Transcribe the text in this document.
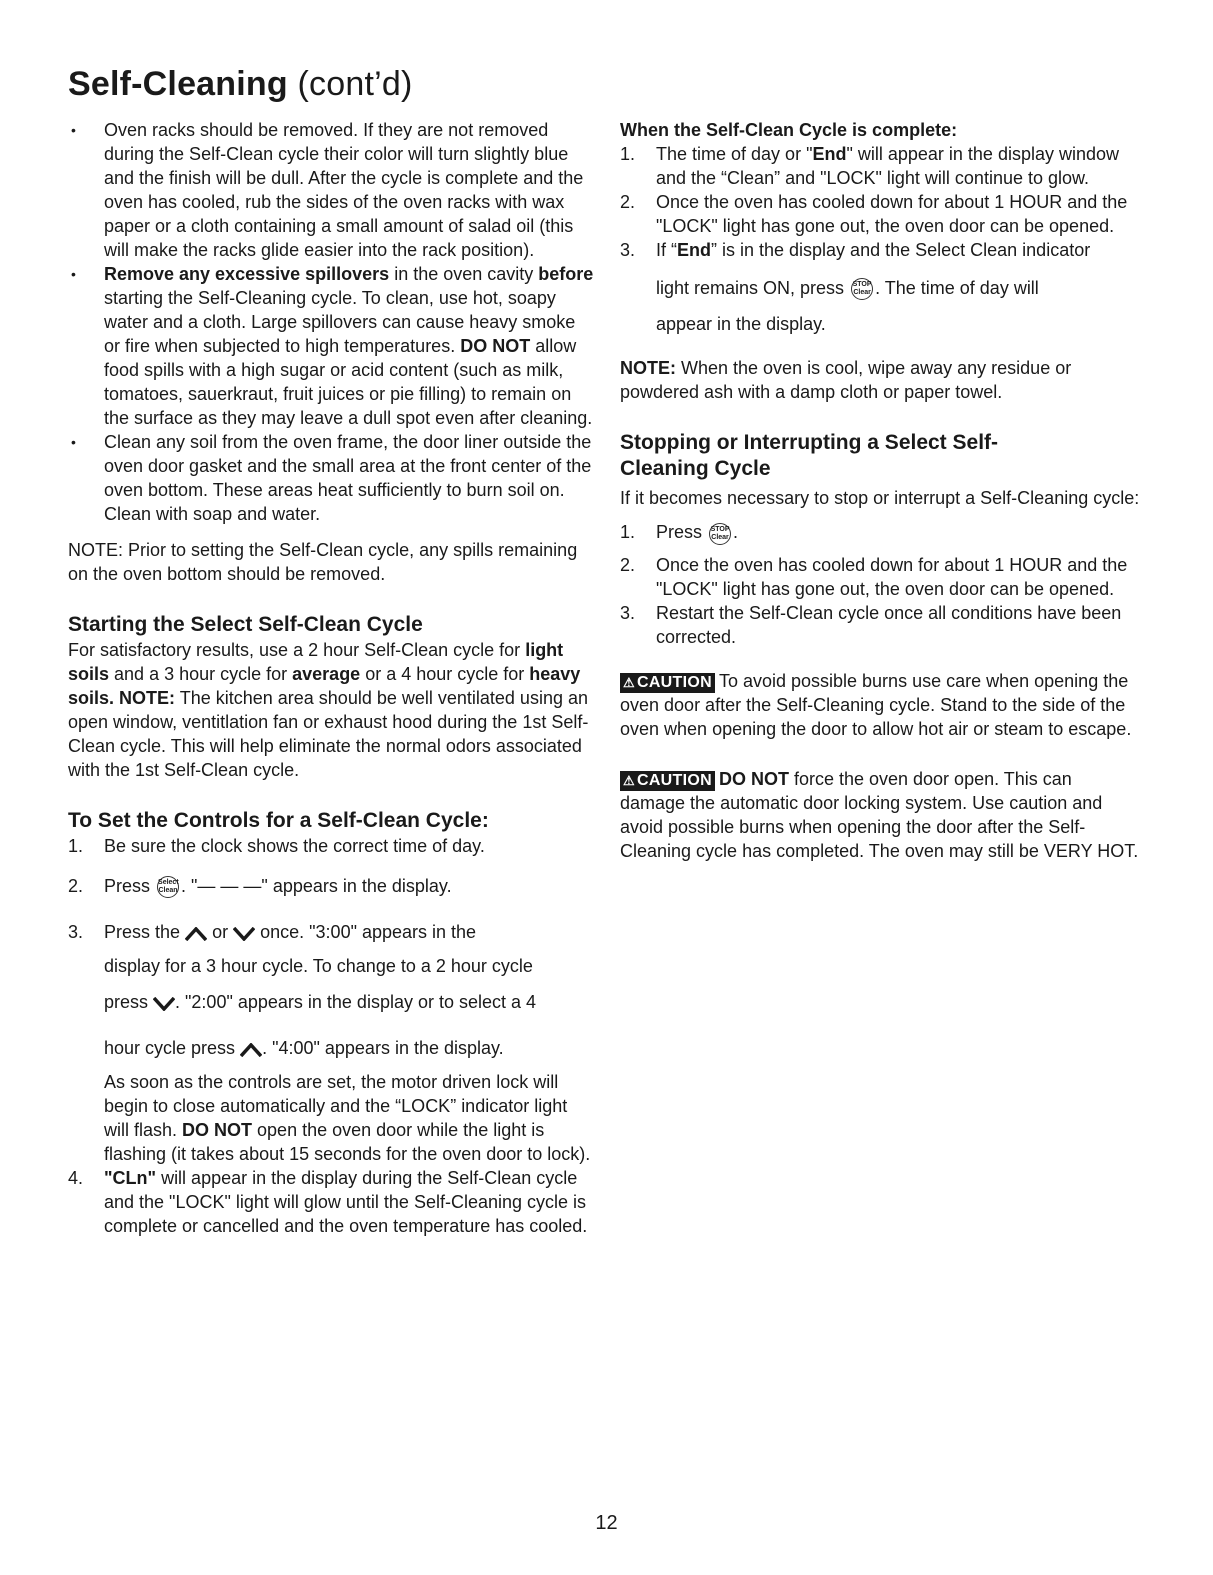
Self-Cleaning (cont’d)
• Oven racks should be removed. If they are not removed during the Self-Clean cycle their color will turn slightly blue and the finish will be dull. After the cycle is complete and the oven has cooled, rub the sides of the oven racks with wax paper or a cloth containing a small amount of salad oil (this will make the racks glide easier into the rack position).
• Remove any excessive spillovers in the oven cavity before starting the Self-Cleaning cycle. To clean, use hot, soapy water and a cloth. Large spillovers can cause heavy smoke or fire when subjected to high temperatures. DO NOT allow food spills with a high sugar or acid content (such as milk, tomatoes, sauerkraut, fruit juices or pie filling) to remain on the surface as they may leave a dull spot even after cleaning.
• Clean any soil from the oven frame, the door liner outside the oven door gasket and the small area at the front center of the oven bottom. These areas heat sufficiently to burn soil on. Clean with soap and water.

NOTE: Prior to setting the Self-Clean cycle, any spills remaining on the oven bottom should be removed.

Starting the Select Self-Clean Cycle

For satisfactory results, use a 2 hour Self-Clean cycle for light soils and a 3 hour cycle for average or a 4 hour cycle for heavy soils. NOTE: The kitchen area should be well ventilated using an open window, ventitlation fan or exhaust hood during the 1st Self-Clean cycle. This will help eliminate the normal odors associated with the 1st Self-Clean cycle.

To Set the Controls for a Self-Clean Cycle:
1. Be sure the clock shows the correct time of day.
2. Press Select
Clean . "— — —" appears in the display.
3. Press the or once. "3:00" appears in the
display for a 3 hour cycle. To change to a 2 hour cycle
press . "2:00" appears in the display or to select a 4
hour cycle press . "4:00" appears in the display.
As soon as the controls are set, the motor driven lock will begin to close automatically and the “LOCK” indicator light will flash. DO NOT open the oven door while the light is flashing (it takes about 15 seconds for the oven door to lock).
4. "CLn" will appear in the display during the Self-Clean cycle and the "LOCK" light will glow until the Self-Cleaning cycle is complete or cancelled and the oven temperature has cooled.
When the Self-Clean Cycle is complete:
1. The time of day or "End" will appear in the display window and the “Clean” and "LOCK" light will continue to glow.
2. Once the oven has cooled down for about 1 HOUR and the "LOCK" light has gone out, the oven door can be opened.
3. If “End” is in the display and the Select Clean indicator
light remains ON, press STOP
Clear . The time of day will
appear in the display.

NOTE: When the oven is cool, wipe away any residue or powdered ash with a damp cloth or paper towel.

Stopping or Interrupting a Select Self-Cleaning Cycle

If it becomes necessary to stop or interrupt a Self-Cleaning cycle:

1. Press STOP
Clear .
2. Once the oven has cooled down for about 1 HOUR and the "LOCK" light has gone out, the oven door can be opened.
3. Restart the Self-Clean cycle once all conditions have been corrected.

⚠ CAUTION To avoid possible burns use care when opening the oven door after the Self-Cleaning cycle. Stand to the side of the oven when opening the door to allow hot air or steam to escape.

⚠ CAUTION DO NOT force the oven door open. This can damage the automatic door locking system. Use caution and avoid possible burns when opening the door after the Self-Cleaning cycle has completed. The oven may still be VERY HOT.

12
